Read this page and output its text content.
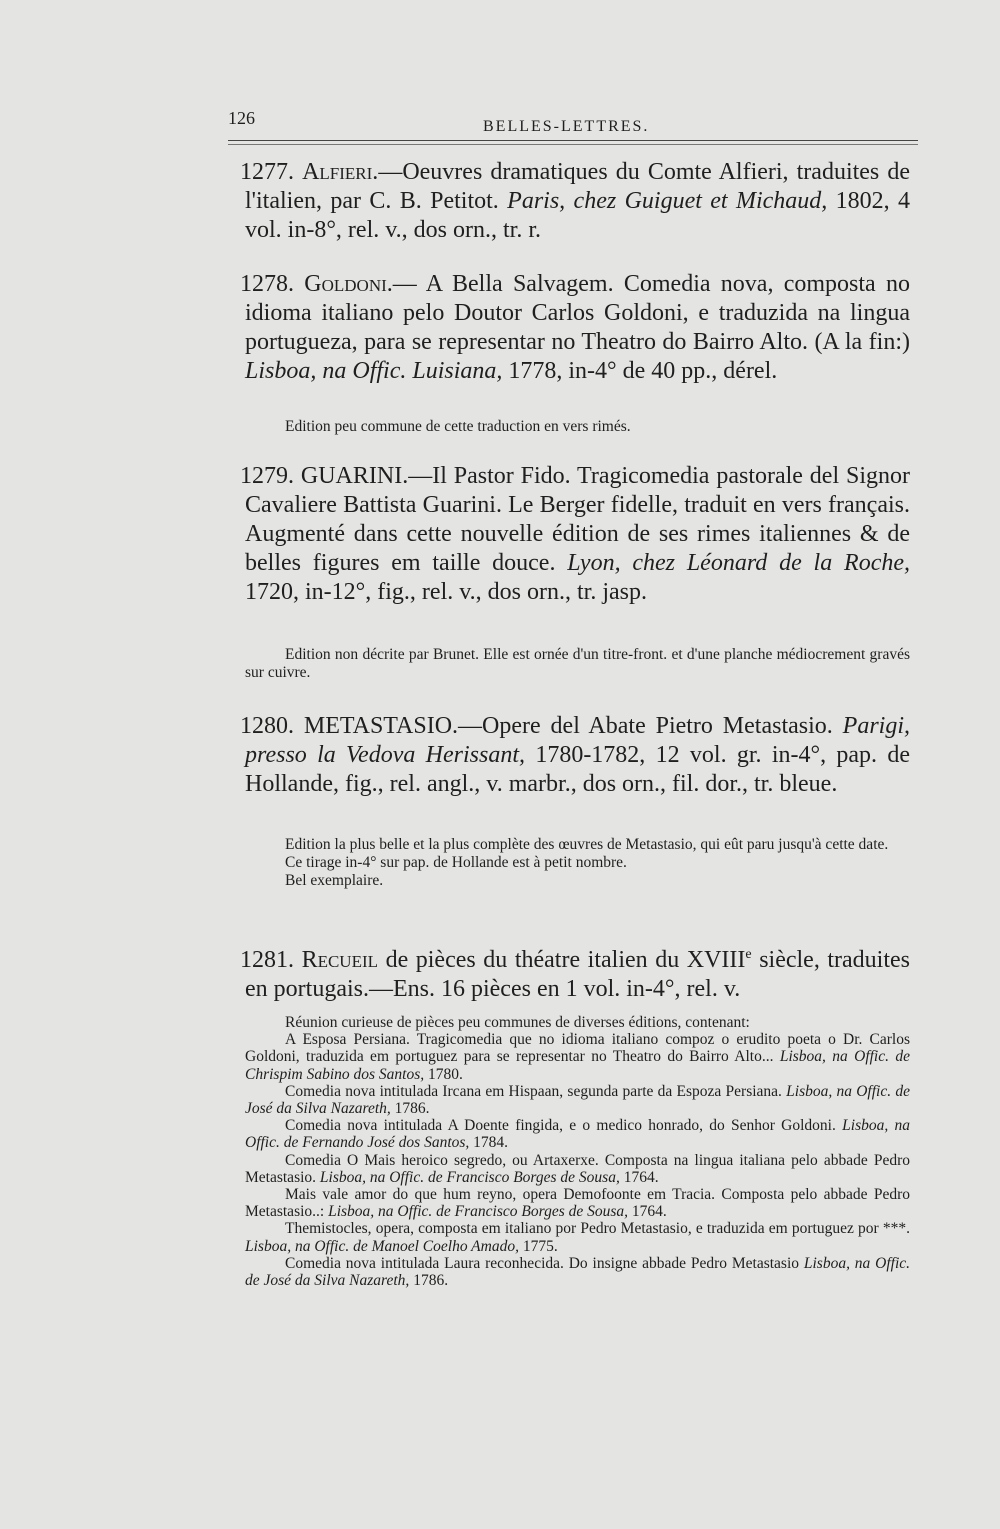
126	BELLES-LETTRES.
1277. Alfieri.—Oeuvres dramatiques du Comte Alfieri, traduites de l'italien, par C. B. Petitot. Paris, chez Guiguet et Michaud, 1802, 4 vol. in-8°, rel. v., dos orn., tr. r.
1278. Goldoni.— A Bella Salvagem. Comedia nova, composta no idioma italiano pelo Doutor Carlos Goldoni, e traduzida na lingua portugueza, para se representar no Theatro do Bairro Alto. (A la fin:) Lisboa, na Offic. Luisiana, 1778, in-4° de 40 pp., dérel.

Edition peu commune de cette traduction en vers rimés.

1279. GUARINI.—Il Pastor Fido. Tragicomedia pastorale del Signor Cavaliere Battista Guarini. Le Berger fidelle, traduit en vers français. Augmenté dans cette nouvelle édition de ses rimes italiennes & de belles figures em taille douce. Lyon, chez Léonard de la Roche, 1720, in-12°, fig., rel. v., dos orn., tr. jasp.

Edition non décrite par Brunet. Elle est ornée d'un titre-front. et d'une planche médiocrement gravés sur cuivre.

1280. METASTASIO.—Opere del Abate Pietro Metastasio. Parigi, presso la Vedova Herissant, 1780-1782, 12 vol. gr. in-4°, pap. de Hollande, fig., rel. angl., v. marbr., dos orn., fil. dor., tr. bleue.

Edition la plus belle et la plus complète des œuvres de Metastasio, qui eût paru jusqu'à cette date.

Ce tirage in-4° sur pap. de Hollande est à petit nombre.

Bel exemplaire.

1281. Recueil de pièces du théatre italien du XVIIIe siècle, traduites en portugais.—Ens. 16 pièces en 1 vol. in-4°, rel. v.

Réunion curieuse de pièces peu communes de diverses éditions, contenant:

A Esposa Persiana. Tragicomedia que no idioma italiano compoz o erudito poeta o Dr. Carlos Goldoni, traduzida em portuguez para se representar no Theatro do Bairro Alto... Lisboa, na Offic. de Chrispim Sabino dos Santos, 1780.

Comedia nova intitulada Ircana em Hispaan, segunda parte da Espoza Persiana. Lisboa, na Offic. de José da Silva Nazareth, 1786.

Comedia nova intitulada A Doente fingida, e o medico honrado, do Senhor Goldoni. Lisboa, na Offic. de Fernando José dos Santos, 1784.

Comedia O Mais heroico segredo, ou Artaxerxe. Composta na lingua italiana pelo abbade Pedro Metastasio. Lisboa, na Offic. de Francisco Borges de Sousa, 1764.

Mais vale amor do que hum reyno, opera Demofoonte em Tracia. Composta pelo abbade Pedro Metastasio..: Lisboa, na Offic. de Francisco Borges de Sousa, 1764.

Themistocles, opera, composta em italiano por Pedro Metastasio, e traduzida em portuguez por ***. Lisboa, na Offic. de Manoel Coelho Amado, 1775.

Comedia nova intitulada Laura reconhecida. Do insigne abbade Pedro Metastasio Lisboa, na Offic. de José da Silva Nazareth, 1786.
